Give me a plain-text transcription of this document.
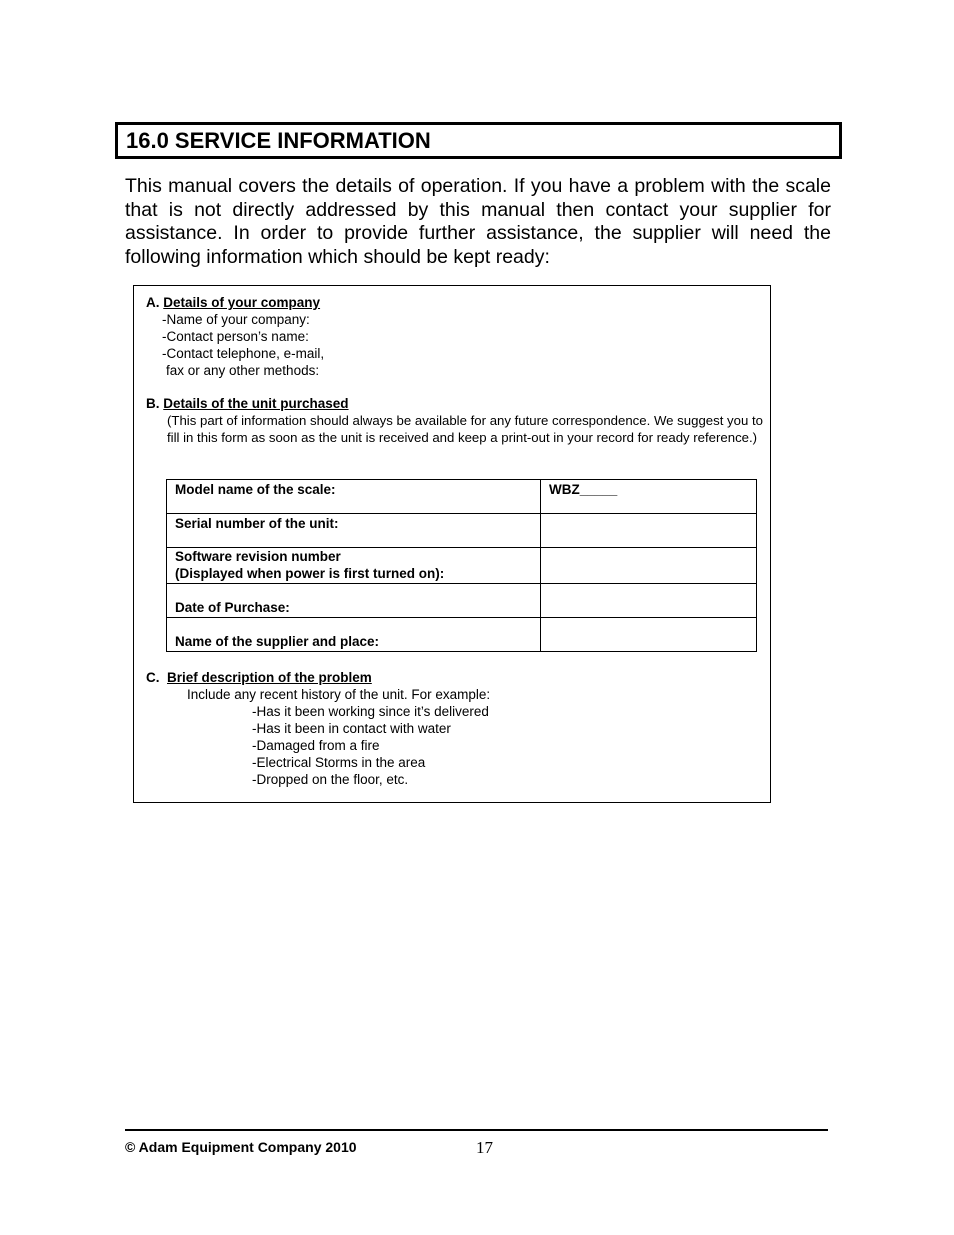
16.0 SERVICE INFORMATION

This manual covers the details of operation. If you have a problem with the scale that is not directly addressed by this manual then contact your supplier for assistance. In order to provide further assistance, the supplier will need the following information which should be kept ready:

A. Details of your company
-Name of your company:
-Contact person’s name:
-Contact telephone, e-mail,
fax or any other methods:
B. Details of the unit purchased

(This part of information should always be available for any future correspondence. We suggest you to fill in this form as soon as the unit is received and keep a print-out in your record for ready reference.)

Model name of the scale:	WBZ_____
Serial number of the unit:	
Software revision number
(Displayed when power is first turned on):	
Date of Purchase:	
Name of the supplier and place:	
C.  Brief description of the problem
Include any recent history of the unit. For example:
-Has it been working since it’s delivered
-Has it been in contact with water
-Damaged from a fire
-Electrical Storms in the area
-Dropped on the floor, etc.
© Adam Equipment Company 2010	17
